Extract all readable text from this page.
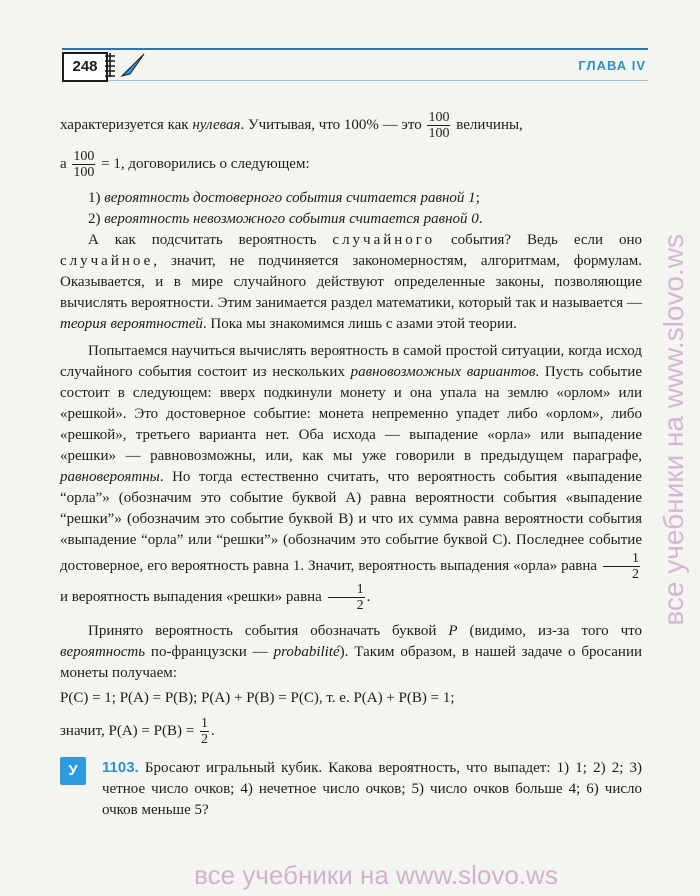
248	ГЛАВА IV

характеризуется как нулевая. Учитывая, что 100% — это $\frac{100}{100}$ величины,

а $\frac{100}{100} = 1$, договорились о следующем:

1) вероятность достоверного события считается равной 1;

2) вероятность невозможного события считается равной 0.

А как подсчитать вероятность случайного события? Ведь если оно случайное, значит, не подчиняется закономерностям, алгоритмам, формулам. Оказывается, и в мире случайного действуют определенные законы, позволяющие вычислять вероятности. Этим занимается раздел математики, который так и называется — теория вероятностей. Пока мы знакомимся лишь с азами этой теории.

Попытаемся научиться вычислять вероятность в самой простой ситуации, когда исход случайного события состоит из нескольких равновозможных вариантов. Пусть событие состоит в следующем: вверх подкинули монету и она упала на землю «орлом» или «решкой». Это достоверное событие: монета непременно упадет либо «орлом», либо «решкой», третьего варианта нет. Оба исхода — выпадение «орла» или выпадение «решки» — равновозможны, или, как мы уже говорили в предыдущем параграфе, равновероятны. Но тогда естественно считать, что вероятность события «выпадение “орла”» (обозначим это событие буквой A) равна вероятности события «выпадение “решки”» (обозначим это событие буквой B) и что их сумма равна вероятности события «выпадение “орла” или “решки”» (обозначим это событие буквой C). Последнее событие достоверное, его вероятность равна 1. Значит, вероятность выпадения «орла» равна $\frac{1}{2}$
и вероятность выпадения «решки» равна $\frac{1}{2}$ .

Принято вероятность события обозначать буквой P (видимо, из-за того что вероятность по-французски — probabilité). Таким образом, в нашей задаче о бросании монеты получаем:

P(C) = 1; P(A) = P(B); P(A) + P(B) = P(C), т. е. P(A) + P(B) = 1;

значит, $P(A) = P(B) = \frac{1}{2}$ .

У	1103. Бросают игральный кубик. Какова вероятность, что выпадет: 1) 1; 2) 2; 3) четное число очков; 4) нечетное число очков; 5) число очков больше 4; 6) число очков меньше 5?

все учебники на www.slovo.ws
все учебники на www.slovo.ws
